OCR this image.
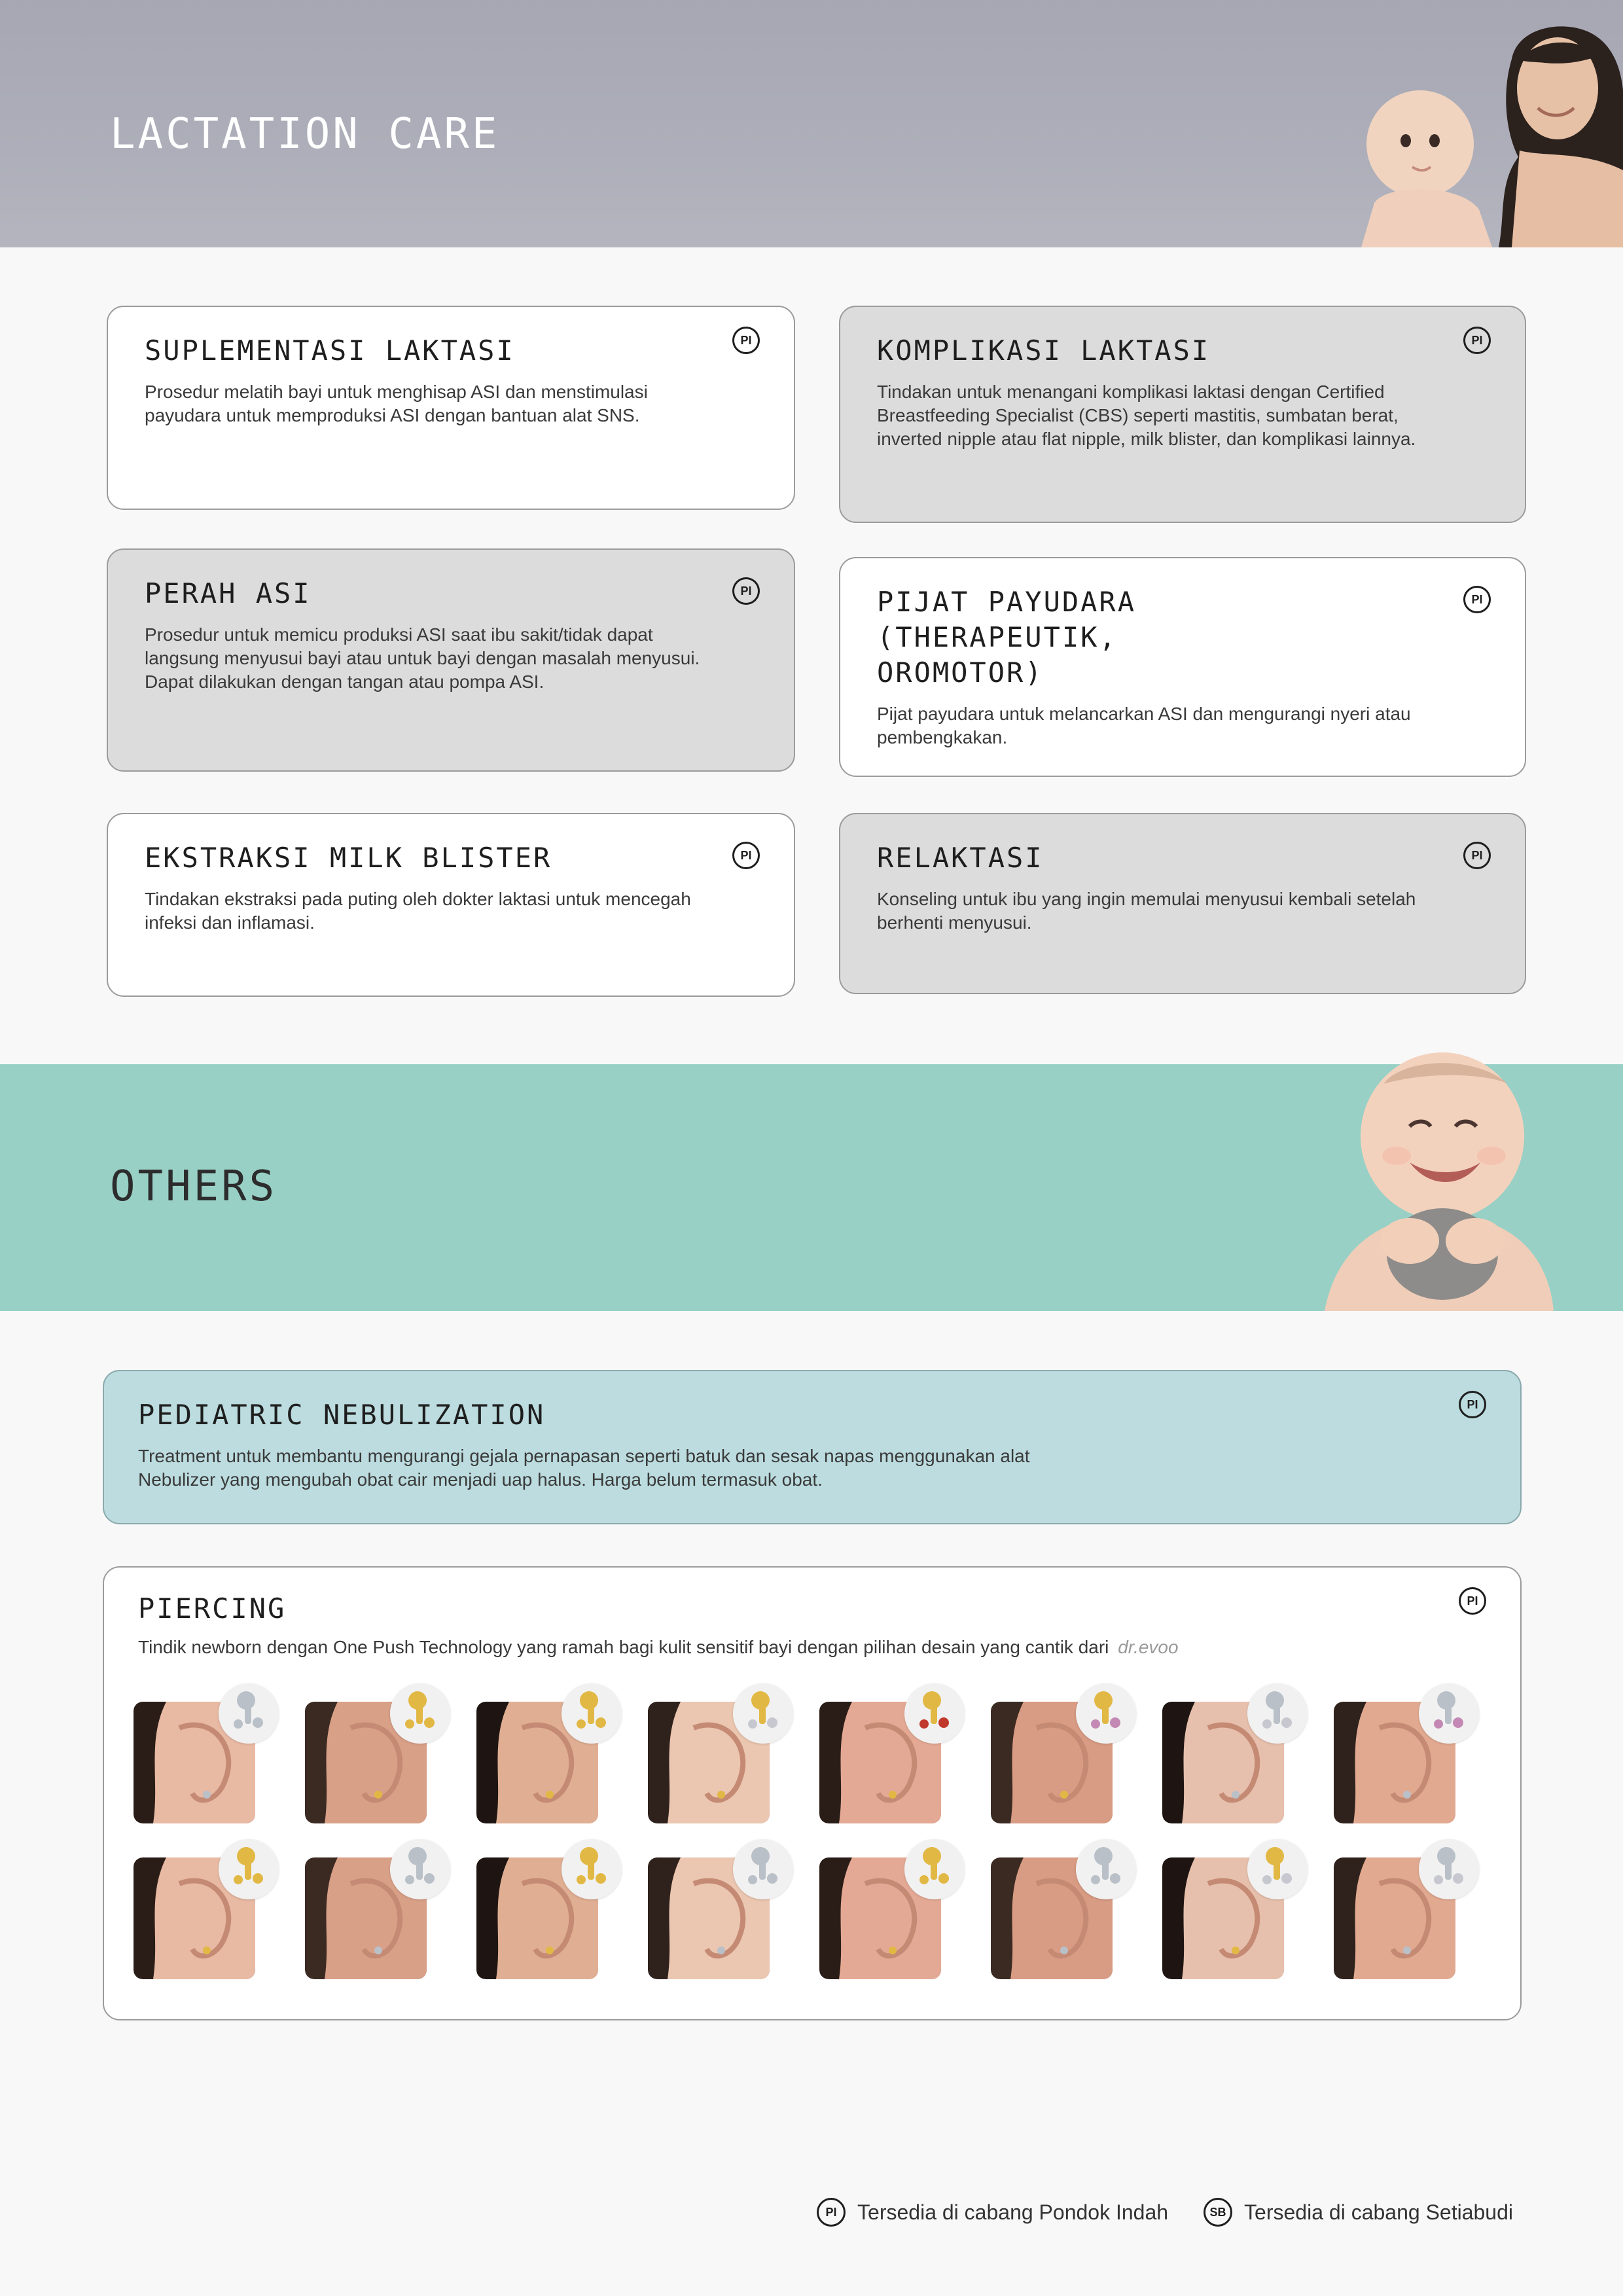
LACTATION CARE
PI
SUPLEMENTASI LAKTASI

Prosedur melatih bayi untuk menghisap ASI dan menstimulasi payudara untuk memproduksi ASI dengan bantuan alat SNS.

PI
KOMPLIKASI LAKTASI

Tindakan untuk menangani komplikasi laktasi dengan Certified Breastfeeding Specialist (CBS) seperti mastitis, sumbatan berat, inverted nipple atau flat nipple, milk blister, dan komplikasi lainnya.

PI
PERAH ASI

Prosedur untuk memicu produksi ASI saat ibu sakit/tidak dapat langsung menyusui bayi atau untuk bayi dengan masalah menyusui. Dapat dilakukan dengan tangan atau pompa ASI.

PI
PIJAT PAYUDARA (THERAPEUTIK, OROMOTOR)

Pijat payudara untuk melancarkan ASI dan mengurangi nyeri atau pembengkakan.

PI
EKSTRAKSI MILK BLISTER

Tindakan ekstraksi pada puting oleh dokter laktasi untuk mencegah infeksi dan inflamasi.

PI
RELAKTASI

Konseling untuk ibu yang ingin memulai menyusui kembali setelah berhenti menyusui.

OTHERS
PI
PEDIATRIC NEBULIZATION

Treatment untuk membantu mengurangi gejala pernapasan seperti batuk dan sesak napas menggunakan alat Nebulizer yang mengubah obat cair menjadi uap halus. Harga belum termasuk obat.

PI
PIERCING

Tindik newborn dengan One Push Technology yang ramah bagi kulit sensitif bayi dengan pilihan desain yang cantik dari dr.evoo

PI Tersedia di cabang Pondok Indah	SB Tersedia di cabang Setiabudi
